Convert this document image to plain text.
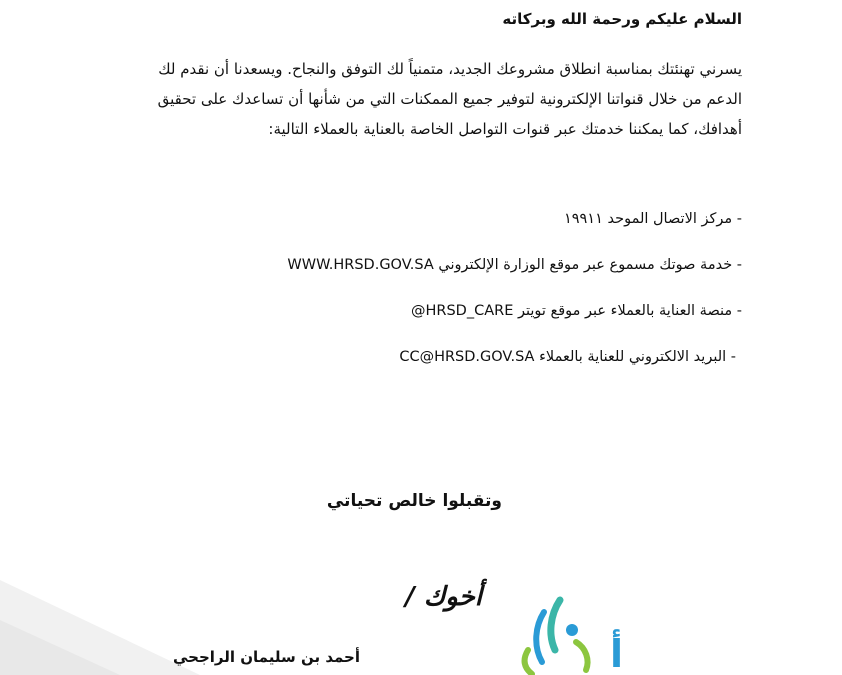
السلام عليكم ورحمة الله وبركاته
يسرني تهنئتك بمناسبة انطلاق مشروعك الجديد، متمنياً لك التوفق والنجاح. ويسعدنا أن نقدم لك
الدعم من خلال قنواتنا الإلكترونية لتوفير جميع الممكنات التي من شأنها أن تساعدك على تحقيق
أهدافك، كما يمكننا خدمتك عبر قنوات التواصل الخاصة بالعناية بالعملاء التالية:
- مركز الاتصال الموحد ١٩٩١١
- خدمة صوتك مسموع عبر موقع الوزارة الإلكتروني WWW.HRSD.GOV.SA
- منصة العناية بالعملاء عبر موقع تويتر HRSD_CARE@
- البريد الالكتروني للعناية بالعملاء CC@HRSD.GOV.SA
وتقبلوا خالص تحياتي
أخوك /
أحمد بن سليمان الراجحي	أ
